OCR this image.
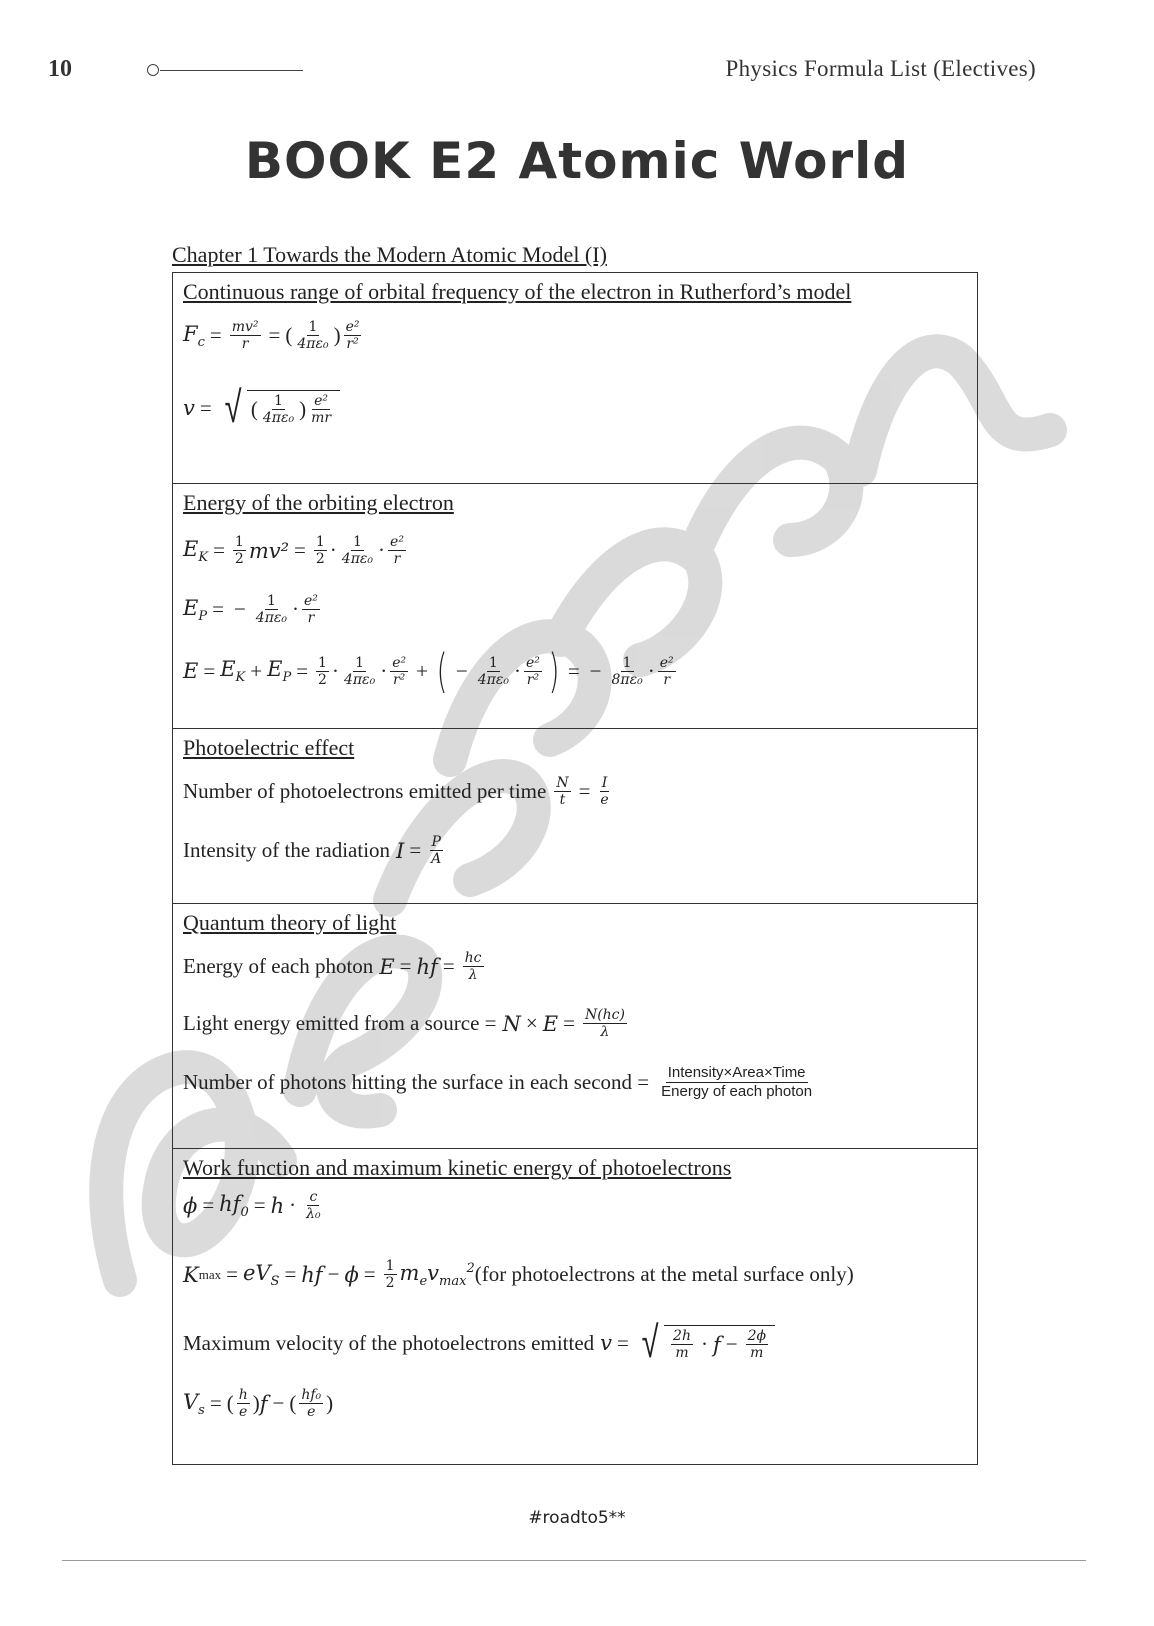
10	Physics Formula List (Electives)
BOOK E2 Atomic World
Chapter 1 Towards the Modern Atomic Model (I)
Continuous range of orbital frequency of the electron in Rutherford’s model
$F_c = \frac{\text{mv²}}{r}$ = ( $\frac{1}{\text{4πε₀}}$ ) $\frac{\text{e²}}{\text{r²}}$
v = √ ( $\frac{1}{\text{4πε₀}}$ ) $\frac{\text{e²}}{mr}$
Energy of the orbiting electron
$E_K = \frac{1}{2} mv^2 = \frac{1}{2} \cdot \frac{1}{\text{4πε₀}} \cdot \frac{\text{e²}}{r}$
$E_P$ = − $\frac{1}{\text{4πε₀}} \cdot \frac{\text{e²}}{r}$
$E = E_K + E_P = \frac{1}{2} \cdot \frac{1}{\text{4πε₀}} \cdot \frac{\text{e²}}{\text{r²}}$ + ( − $\frac{1}{\text{4πε₀}} \cdot \frac{\text{e²}}{\text{r²}}$ ) = − $\frac{1}{\text{8πε₀}} \cdot \frac{\text{e²}}{r}$
Photoelectric effect
Number of photoelectrons emitted per time $\frac{N}{t} = \frac{I}{e}$
Intensity of the radiation $I = \frac{P}{A}$
Quantum theory of light
Energy of each photon E = hf = $\frac{hc}{\lambda}$
Light energy emitted from a source = $N \times E = \frac{N(hc)}{\lambda}$
Number of photons hitting the surface in each second = $\frac{\text{Intensity×Area×Time}}{\text{Energy of each photon}}$
Work function and maximum kinetic energy of photoelectrons
$\phi = hf_0 = h \cdot \frac{c}{\text{λ₀}}$
K $\max = eV_S$ = hf − $\phi = \frac{1}{2} m_ev_{max}^2$ (for photoelectrons at the metal surface only)
Maximum velocity of the photoelectrons emitted v = √ $\frac{2h}{m} \cdot f - \frac{2\phi}{m}$
$V_s$ = ( $\frac{h}{e}$ ) f − ( $\frac{\text{hf₀}}{e}$ )
#roadto5**
